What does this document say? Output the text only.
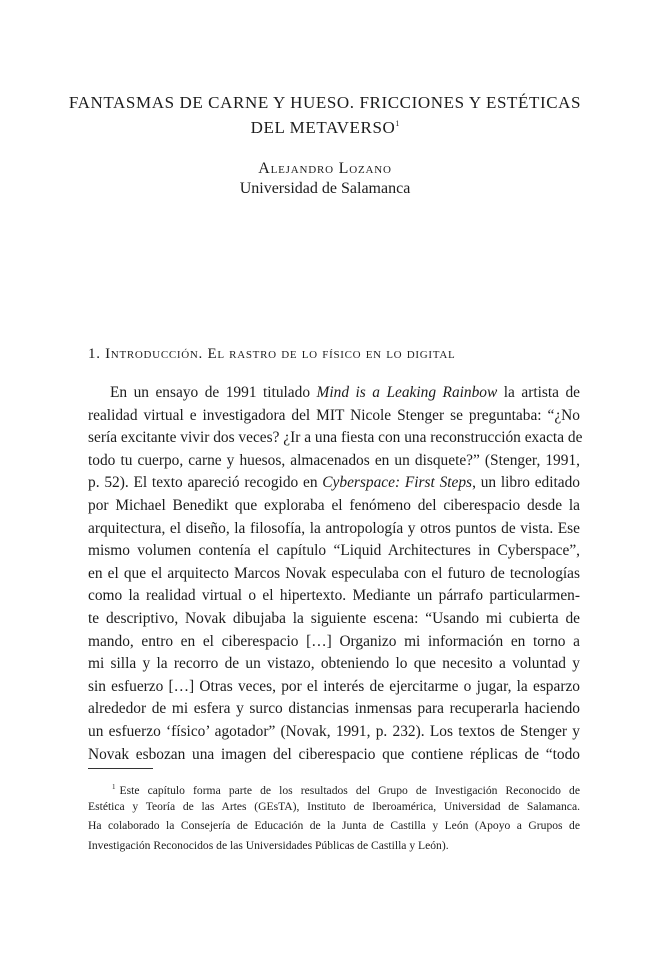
FANTASMAS DE CARNE Y HUESO. FRICCIONES Y ESTÉTICAS
DEL METAVERSO$^1$
Alejandro Lozano
Universidad de Salamanca
1. Introducción. El rastro de lo físico en lo digital
En un ensayo de 1991 titulado Mind is a Leaking Rainbow la artista de
realidad virtual e investigadora del MIT Nicole Stenger se preguntaba: “¿No
sería excitante vivir dos veces? ¿Ir a una fiesta con una reconstrucción exacta de
todo tu cuerpo, carne y huesos, almacenados en un disquete?” (Stenger, 1991,
p. 52). El texto apareció recogido en Cyberspace: First Steps, un libro editado
por Michael Benedikt que exploraba el fenómeno del ciberespacio desde la
arquitectura, el diseño, la filosofía, la antropología y otros puntos de vista. Ese
mismo volumen contenía el capítulo “Liquid Architectures in Cyberspace”,
en el que el arquitecto Marcos Novak especulaba con el futuro de tecnologías
como la realidad virtual o el hipertexto. Mediante un párrafo particularmen-
te descriptivo, Novak dibujaba la siguiente escena: “Usando mi cubierta de
mando, entro en el ciberespacio […] Organizo mi información en torno a
mi silla y la recorro de un vistazo, obteniendo lo que necesito a voluntad y
sin esfuerzo […] Otras veces, por el interés de ejercitarme o jugar, la esparzo
alrededor de mi esfera y surco distancias inmensas para recuperarla haciendo
un esfuerzo ‘físico’ agotador” (Novak, 1991, p. 232). Los textos de Stenger y
Novak esbozan una imagen del ciberespacio que contiene réplicas de “todo
$^1$ Este capítulo forma parte de los resultados del Grupo de Investigación Reconocido de
Estética y Teoría de las Artes (GEsTA), Instituto de Iberoamérica, Universidad de Salamanca.
Ha colaborado la Consejería de Educación de la Junta de Castilla y León (Apoyo a Grupos de
Investigación Reconocidos de las Universidades Públicas de Castilla y León).
